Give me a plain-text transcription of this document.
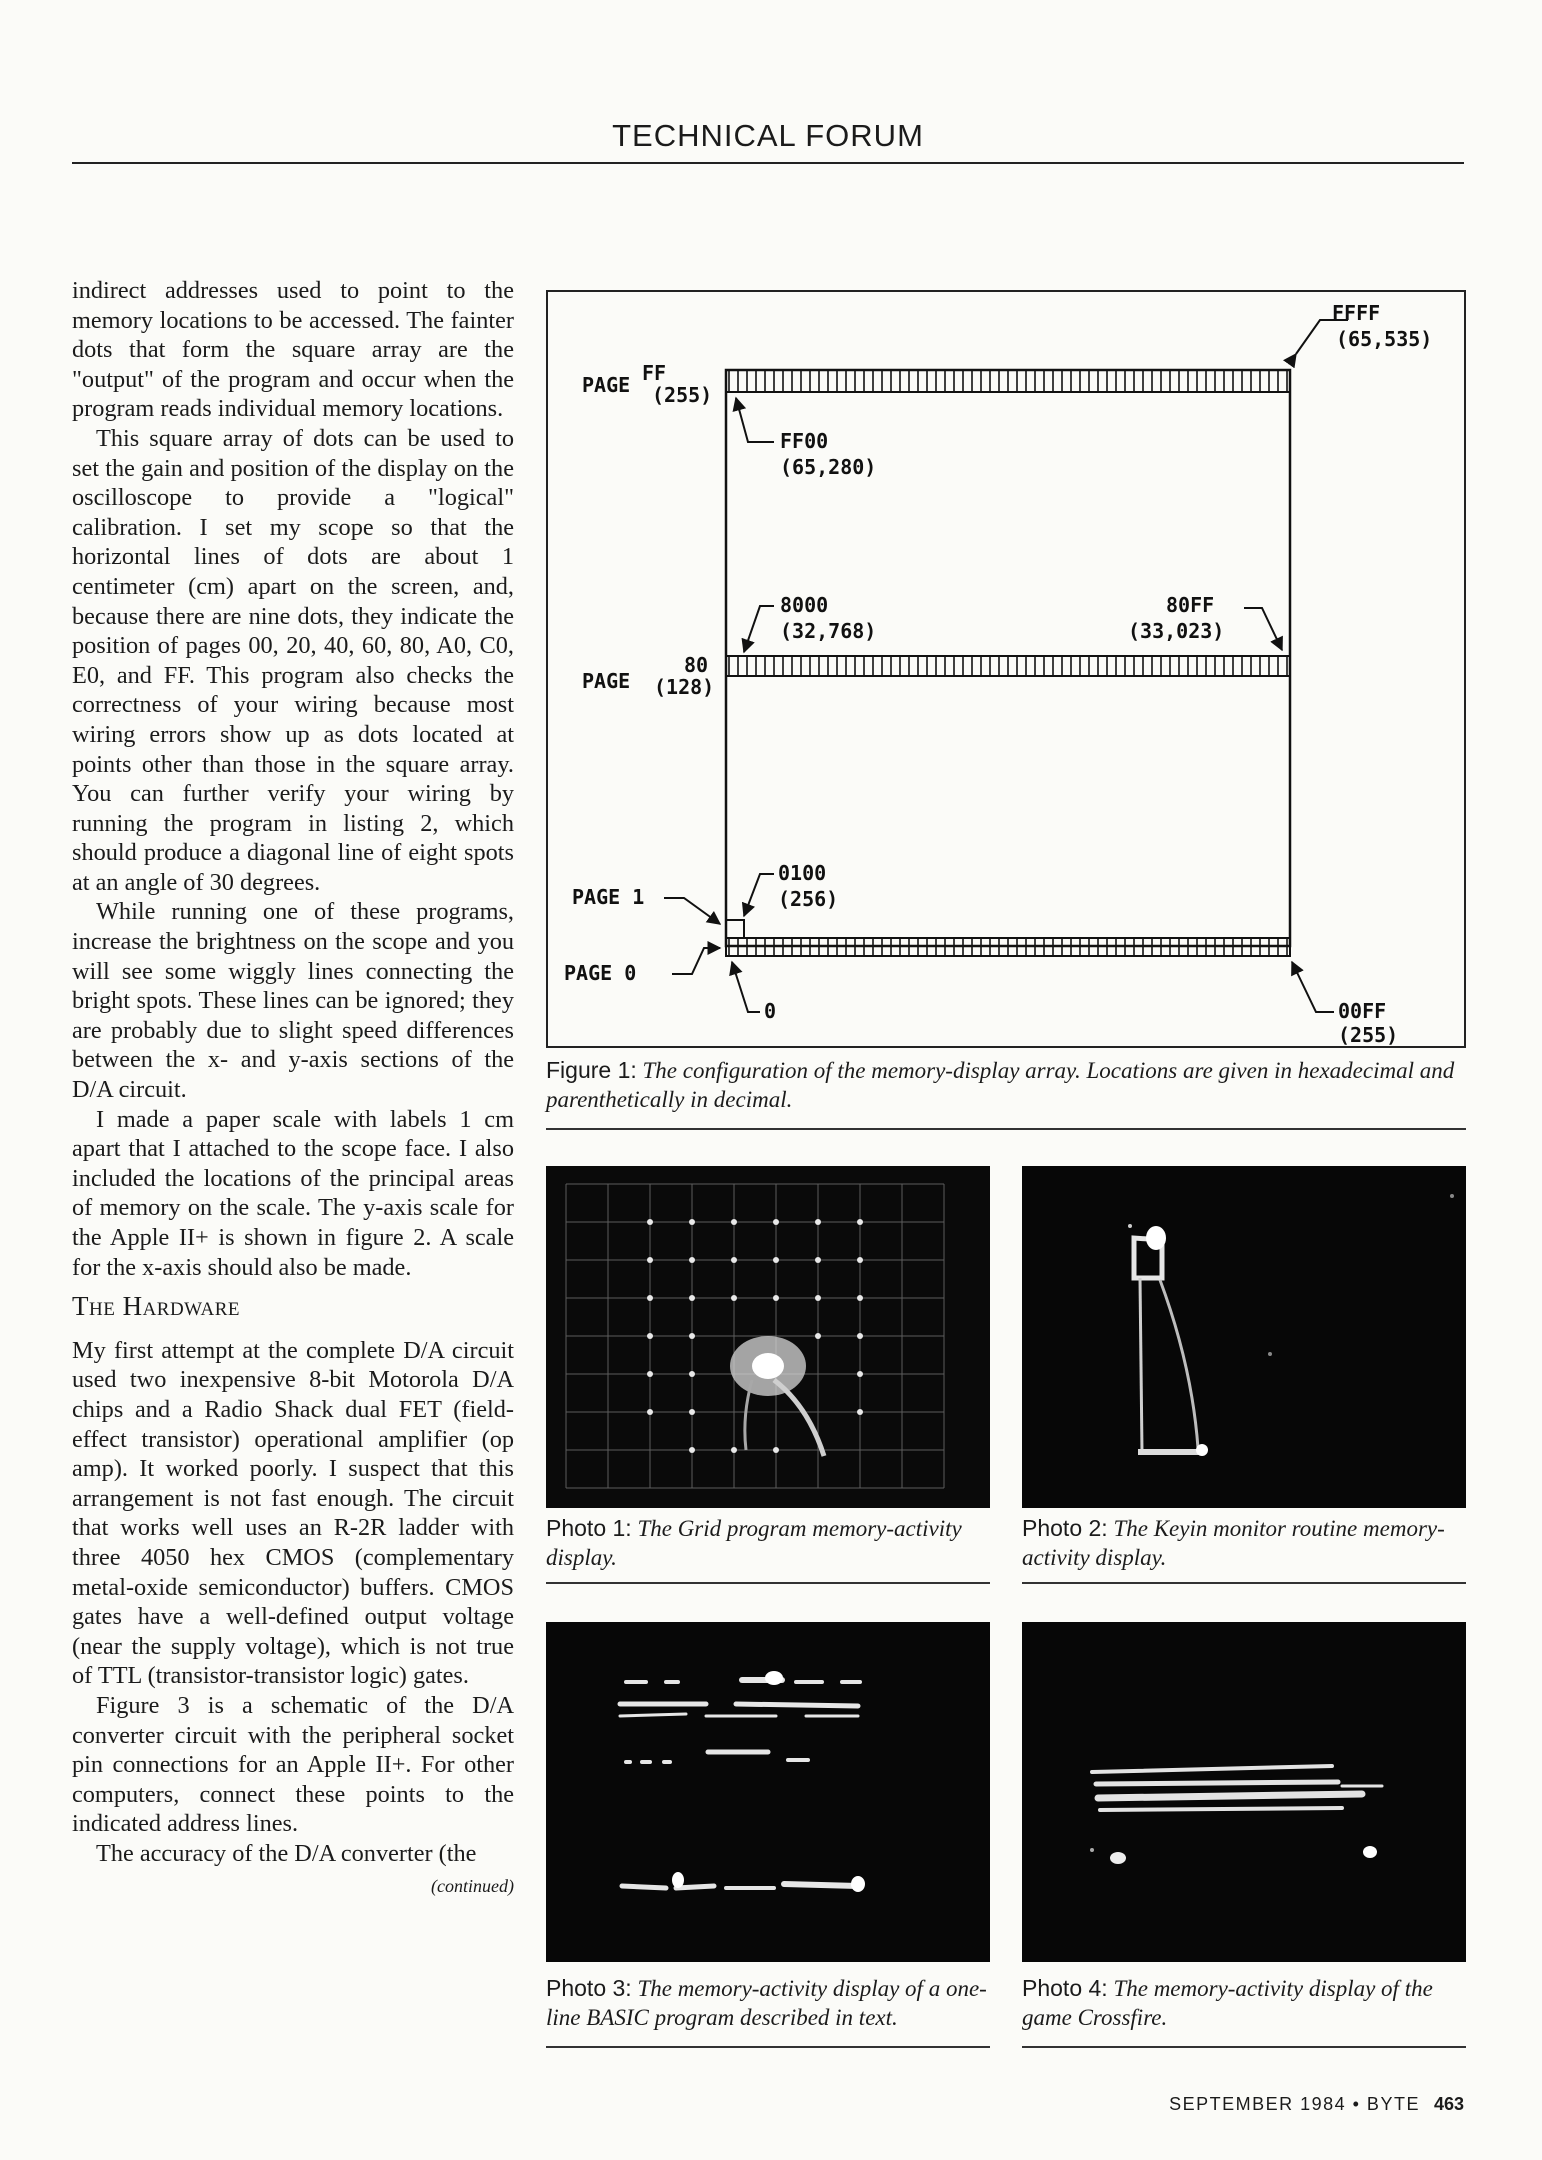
TECHNICAL FORUM

indirect addresses used to point to the memory locations to be accessed. The fainter dots that form the square array are the "output" of the program and occur when the program reads individual memory locations.

This square array of dots can be used to set the gain and position of the display on the oscilloscope to provide a "logical" calibration. I set my scope so that the horizontal lines of dots are about 1 centimeter (cm) apart on the screen, and, because there are nine dots, they indicate the position of pages 00, 20, 40, 60, 80, A0, C0, E0, and FF. This program also checks the correctness of your wiring because most wiring errors show up as dots located at points other than those in the square array. You can further verify your wiring by running the program in listing 2, which should produce a diagonal line of eight spots at an angle of 30 degrees.

While running one of these programs, increase the brightness on the scope and you will see some wiggly lines connecting the bright spots. These lines can be ignored; they are probably due to slight speed differences between the x- and y-axis sections of the D/A circuit.

I made a paper scale with labels 1 cm apart that I attached to the scope face. I also included the locations of the principal areas of memory on the scale. The y-axis scale for the Apple II+ is shown in figure 2. A scale for the x-axis should also be made.

The Hardware

My first attempt at the complete D/A circuit used two inexpensive 8-bit Motorola D/A chips and a Radio Shack dual FET (field-effect transistor) operational amplifier (op amp). It worked poorly. I suspect that this arrangement is not fast enough. The circuit that works well uses an R-2R ladder with three 4050 hex CMOS (complementary metal-oxide semiconductor) buffers. CMOS gates have a well-defined output voltage (near the supply voltage), which is not true of TTL (transistor-transistor logic) gates.

Figure 3 is a schematic of the D/A converter circuit with the peripheral socket pin connections for an Apple II+. For other computers, connect these points to the indicated address lines.

The accuracy of the D/A converter (the

(continued)
PAGE FF
(255)
FFFF
(65,535)
FF00
(65,280)
8000
(32,768)
80FF
(33,023)
PAGE
80
(128)
0100
(256)
PAGE 1
PAGE 0
0	00FF
(255)
Figure 1: The configuration of the memory-display array. Locations are given in hexadecimal and parenthetically in decimal.
Photo 1: The Grid program memory-activity display.
Photo 2: The Keyin monitor routine memory-activity display.
Photo 3: The memory-activity display of a one-line BASIC program described in text.
Photo 4: The memory-activity display of the game Crossfire.
SEPTEMBER 1984 • BYTE 463
